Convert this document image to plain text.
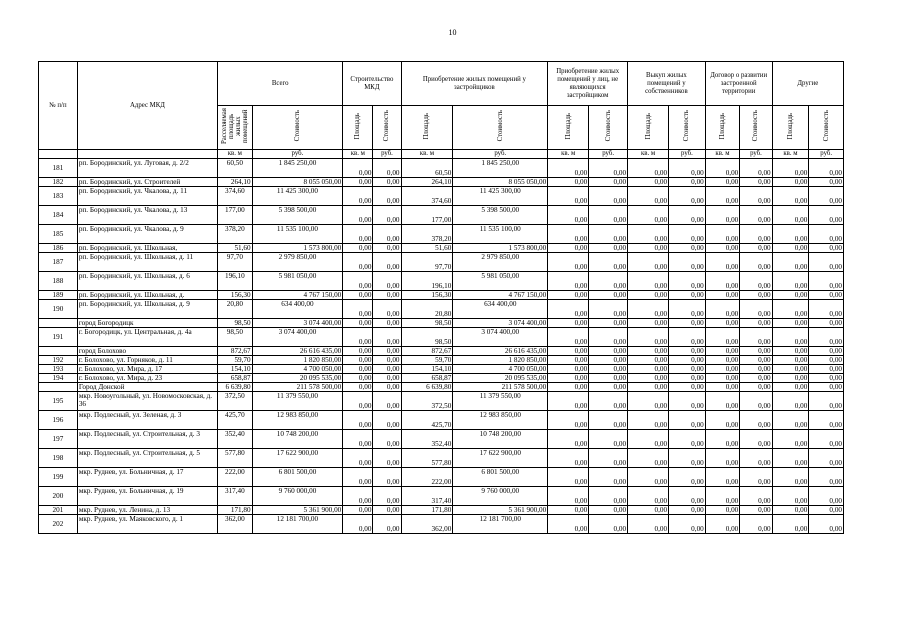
10
№ п/п	Адрес МКД	Всего		Строительство МКД		Приобретение жилых помещений у застройщиков		Приобретение жилых помещений у лиц, не являющихся застройщиком		Выкуп жилых помещений у собственников		Договор о развитии застроенной территории		Другие	
		Расселяемая площадь жилых помещений	Стоимость	Площадь	Стоимость	Площадь	Стоимость	Площадь	Стоимость	Площадь	Стоимость	Площадь	Стоимость	Площадь	Стоимость
		кв. м	руб.	кв. м	руб.	кв. м	руб.	кв. м	руб.	кв. м	руб.	кв. м	руб.	кв. м	руб.
181	рп. Бородинский, ул. Луговая, д. 2/2	60,50	1 845 250,00	0,00	0,00	60,50	1 845 250,00	0,00	0,00	0,00	0,00	0,00	0,00	0,00	0,00
182	рп. Бородинский, ул. Строителей	264,10	8 055 050,00	0,00	0,00	264,10	8 055 050,00	0,00	0,00	0,00	0,00	0,00	0,00	0,00	0,00
183	рп. Бородинский, ул. Чкалова, д. 11	374,60	11 425 300,00	0,00	0,00	374,60	11 425 300,00	0,00	0,00	0,00	0,00	0,00	0,00	0,00	0,00
184	рп. Бородинский, ул. Чкалова, д. 13	177,00	5 398 500,00	0,00	0,00	177,00	5 398 500,00	0,00	0,00	0,00	0,00	0,00	0,00	0,00	0,00
185	рп. Бородинский, ул. Чкалова, д. 9	378,20	11 535 100,00	0,00	0,00	378,20	11 535 100,00	0,00	0,00	0,00	0,00	0,00	0,00	0,00	0,00
186	рп. Бородинский, ул. Школьная,	51,60	1 573 800,00	0,00	0,00	51,60	1 573 800,00	0,00	0,00	0,00	0,00	0,00	0,00	0,00	0,00
187	рп. Бородинский, ул. Школьная, д. 11	97,70	2 979 850,00	0,00	0,00	97,70	2 979 850,00	0,00	0,00	0,00	0,00	0,00	0,00	0,00	0,00
188	рп. Бородинский, ул. Школьная, д. 6	196,10	5 981 050,00	0,00	0,00	196,10	5 981 050,00	0,00	0,00	0,00	0,00	0,00	0,00	0,00	0,00
189	рп. Бородинский, ул. Школьная, д.	156,30	4 767 150,00	0,00	0,00	156,30	4 767 150,00	0,00	0,00	0,00	0,00	0,00	0,00	0,00	0,00
190	рп. Бородинский, ул. Школьная, д. 9	20,80	634 400,00	0,00	0,00	20,80	634 400,00	0,00	0,00	0,00	0,00	0,00	0,00	0,00	0,00
	город Богородицк	98,50	3 074 400,00	0,00	0,00	98,50	3 074 400,00	0,00	0,00	0,00	0,00	0,00	0,00	0,00	0,00
191	г. Богородицк, ул. Центральная, д. 4а	98,50	3 074 400,00	0,00	0,00	98,50	3 074 400,00	0,00	0,00	0,00	0,00	0,00	0,00	0,00	0,00
	город Болохово	872,67	26 616 435,00	0,00	0,00	872,67	26 616 435,00	0,00	0,00	0,00	0,00	0,00	0,00	0,00	0,00
192	г. Болохово, ул. Горняков, д. 11	59,70	1 820 850,00	0,00	0,00	59,70	1 820 850,00	0,00	0,00	0,00	0,00	0,00	0,00	0,00	0,00
193	г. Болохово, ул. Мира, д. 17	154,10	4 700 050,00	0,00	0,00	154,10	4 700 050,00	0,00	0,00	0,00	0,00	0,00	0,00	0,00	0,00
194	г. Болохово, ул. Мира, д. 23	658,87	20 095 535,00	0,00	0,00	658,87	20 095 535,00	0,00	0,00	0,00	0,00	0,00	0,00	0,00	0,00
	Город Донской	6 639,80	211 578 500,00	0,00	0,00	6 639,80	211 578 500,00	0,00	0,00	0,00	0,00	0,00	0,00	0,00	0,00
195	мкр. Новоугольный, ул. Новомосковская, д. 36	372,50	11 379 550,00	0,00	0,00	372,50	11 379 550,00	0,00	0,00	0,00	0,00	0,00	0,00	0,00	0,00
196	мкр. Подлесный, ул. Зеленая, д. 3	425,70	12 983 850,00	0,00	0,00	425,70	12 983 850,00	0,00	0,00	0,00	0,00	0,00	0,00	0,00	0,00
197	мкр. Подлесный, ул. Строительная, д. 3	352,40	10 748 200,00	0,00	0,00	352,40	10 748 200,00	0,00	0,00	0,00	0,00	0,00	0,00	0,00	0,00
198	мкр. Подлесный, ул. Строительная, д. 5	577,80	17 622 900,00	0,00	0,00	577,80	17 622 900,00	0,00	0,00	0,00	0,00	0,00	0,00	0,00	0,00
199	мкр. Руднев, ул. Больничная, д. 17	222,00	6 801 500,00	0,00	0,00	222,00	6 801 500,00	0,00	0,00	0,00	0,00	0,00	0,00	0,00	0,00
200	мкр. Руднев, ул. Больничная, д. 19	317,40	9 760 000,00	0,00	0,00	317,40	9 760 000,00	0,00	0,00	0,00	0,00	0,00	0,00	0,00	0,00
201	мкр. Руднев, ул. Ленина, д. 13	171,80	5 361 900,00	0,00	0,00	171,80	5 361 900,00	0,00	0,00	0,00	0,00	0,00	0,00	0,00	0,00
202	мкр. Руднев, ул. Маяковского, д. 1	362,00	12 181 700,00	0,00	0,00	362,00	12 181 700,00	0,00	0,00	0,00	0,00	0,00	0,00	0,00	0,00
